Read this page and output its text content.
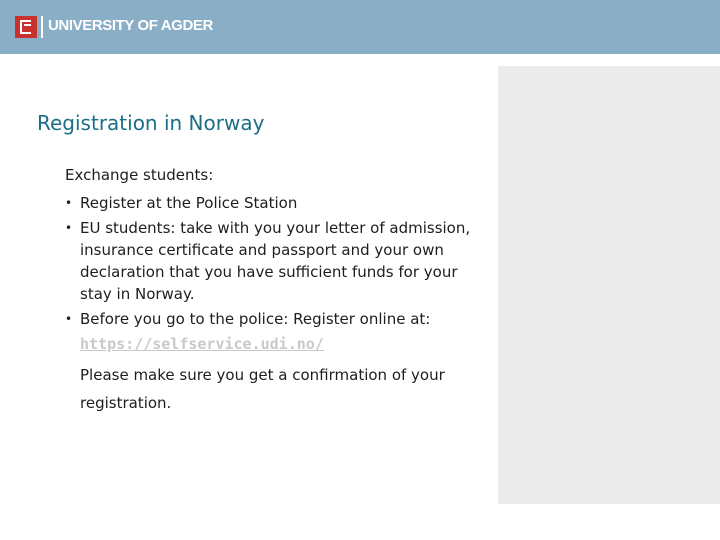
UNIVERSITY OF AGDER
Registration in Norway

Exchange students:

• Register at the Police Station
• EU students: take with you your letter of admission, insurance certificate and passport and your own declaration that you have sufficient funds for your stay in Norway.
• Before you go to the police: Register online at:
https://selfservice.udi.no/

Please make sure you get a confirmation of your registration.
